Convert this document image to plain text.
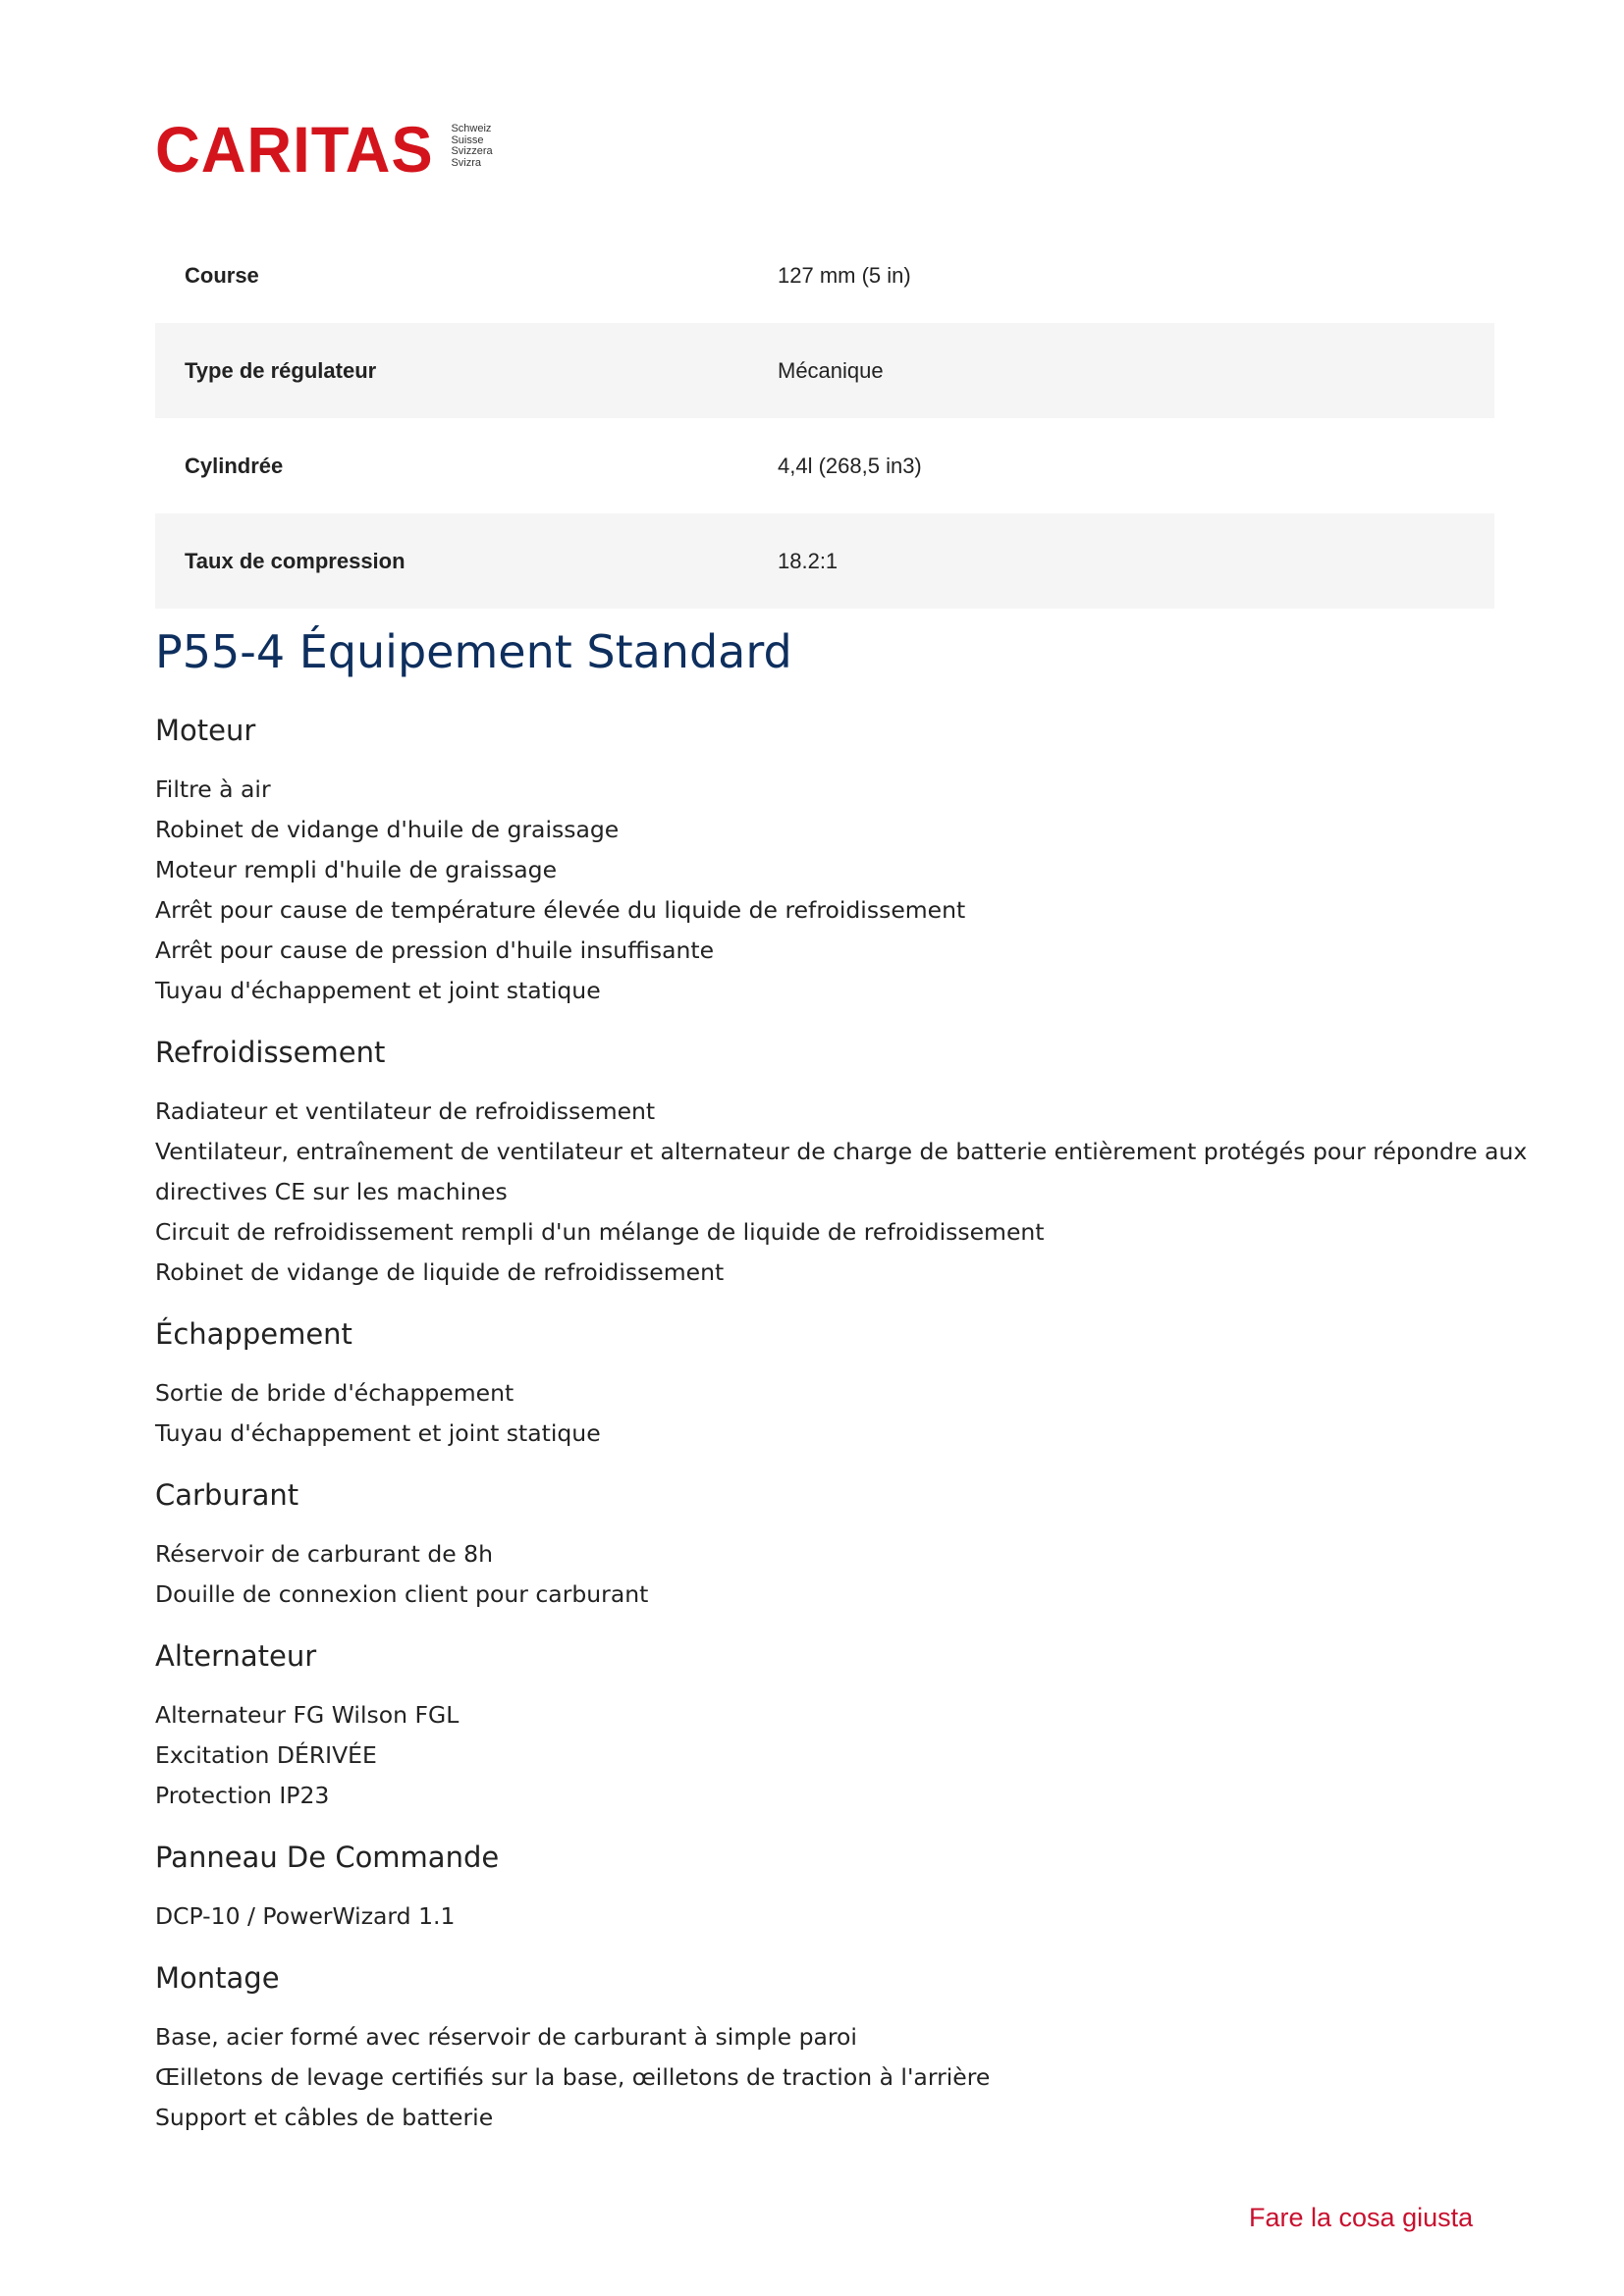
CARITAS Schweiz
Suisse
Svizzera
Svizra
Course	127 mm (5 in)
Type de régulateur	Mécanique
Cylindrée	4,4l (268,5 in3)
Taux de compression	18.2:1
P55-4 Équipement Standard
Moteur
Filtre à air
Robinet de vidange d'huile de graissage
Moteur rempli d'huile de graissage
Arrêt pour cause de température élevée du liquide de refroidissement
Arrêt pour cause de pression d'huile insuffisante
Tuyau d'échappement et joint statique
Refroidissement
Radiateur et ventilateur de refroidissement
Ventilateur, entraînement de ventilateur et alternateur de charge de batterie entièrement protégés pour répondre aux directives CE sur les machines
Circuit de refroidissement rempli d'un mélange de liquide de refroidissement
Robinet de vidange de liquide de refroidissement
Échappement
Sortie de bride d'échappement
Tuyau d'échappement et joint statique
Carburant
Réservoir de carburant de 8h
Douille de connexion client pour carburant
Alternateur
Alternateur FG Wilson FGL
Excitation DÉRIVÉE
Protection IP23
Panneau De Commande
DCP-10 / PowerWizard 1.1
Montage
Base, acier formé avec réservoir de carburant à simple paroi
Œilletons de levage certifiés sur la base, œilletons de traction à l'arrière
Support et câbles de batterie
Fare la cosa giusta
